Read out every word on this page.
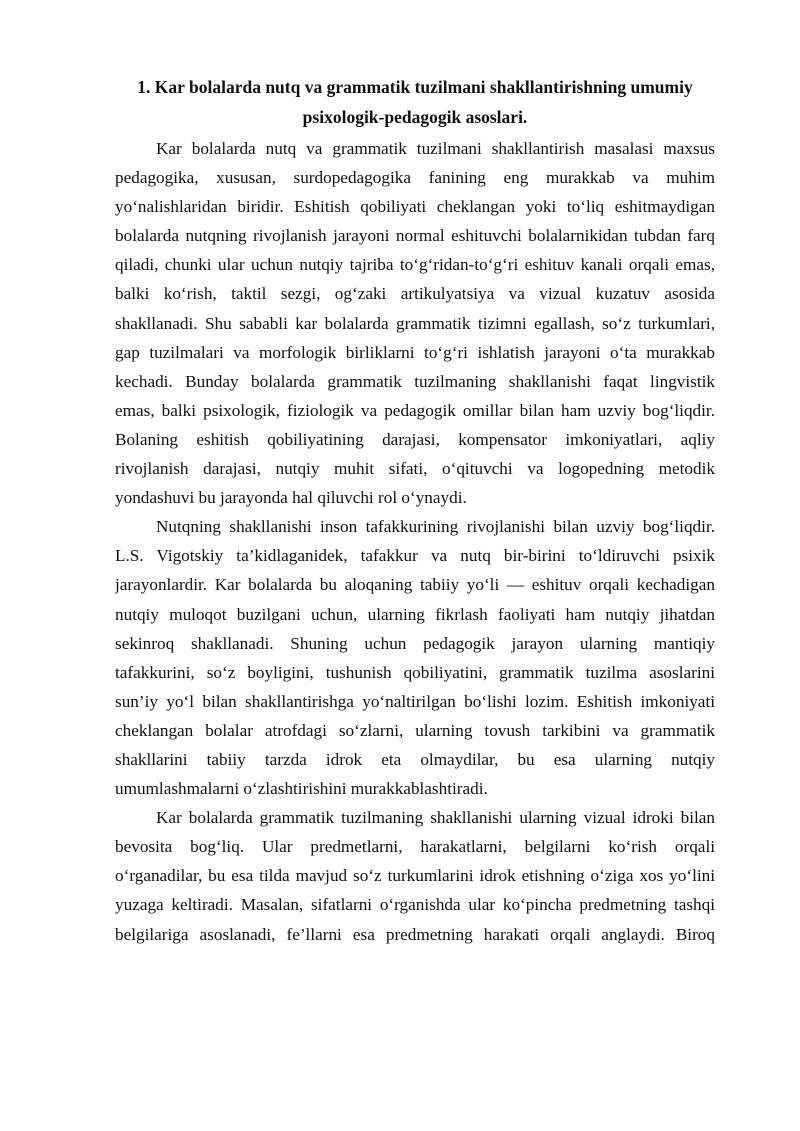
1. Kar bolalarda nutq va grammatik tuzilmani shakllantirishning umumiy
psixologik-pedagogik asoslari.
Kar bolalarda nutq va grammatik tuzilmani shakllantirish masalasi maxsus
pedagogika, xususan, surdopedagogika fanining eng murakkab va muhim
yo‘nalishlaridan biridir. Eshitish qobiliyati cheklangan yoki to‘liq eshitmaydigan
bolalarda nutqning rivojlanish jarayoni normal eshituvchi bolalarnikidan tubdan farq
qiladi, chunki ular uchun nutqiy tajriba to‘g‘ridan-to‘g‘ri eshituv kanali orqali emas,
balki ko‘rish, taktil sezgi, og‘zaki artikulyatsiya va vizual kuzatuv asosida
shakllanadi. Shu sababli kar bolalarda grammatik tizimni egallash, so‘z turkumlari,
gap tuzilmalari va morfologik birliklarni to‘g‘ri ishlatish jarayoni o‘ta murakkab
kechadi. Bunday bolalarda grammatik tuzilmaning shakllanishi faqat lingvistik
emas, balki psixologik, fiziologik va pedagogik omillar bilan ham uzviy bog‘liqdir.
Bolaning eshitish qobiliyatining darajasi, kompensator imkoniyatlari, aqliy
rivojlanish darajasi, nutqiy muhit sifati, o‘qituvchi va logopedning metodik
yondashuvi bu jarayonda hal qiluvchi rol o‘ynaydi.
Nutqning shakllanishi inson tafakkurining rivojlanishi bilan uzviy bog‘liqdir.
L.S. Vigotskiy ta’kidlaganidek, tafakkur va nutq bir-birini to‘ldiruvchi psixik
jarayonlardir. Kar bolalarda bu aloqaning tabiiy yo‘li — eshituv orqali kechadigan
nutqiy muloqot buzilgani uchun, ularning fikrlash faoliyati ham nutqiy jihatdan
sekinroq shakllanadi. Shuning uchun pedagogik jarayon ularning mantiqiy
tafakkurini, so‘z boyligini, tushunish qobiliyatini, grammatik tuzilma asoslarini
sun’iy yo‘l bilan shakllantirishga yo‘naltirilgan bo‘lishi lozim. Eshitish imkoniyati
cheklangan bolalar atrofdagi so‘zlarni, ularning tovush tarkibini va grammatik
shakllarini tabiiy tarzda idrok eta olmaydilar, bu esa ularning nutqiy
umumlashmalarni o‘zlashtirishini murakkablashtiradi.
Kar bolalarda grammatik tuzilmaning shakllanishi ularning vizual idroki bilan
bevosita bog‘liq. Ular predmetlarni, harakatlarni, belgilarni ko‘rish orqali
o‘rganadilar, bu esa tilda mavjud so‘z turkumlarini idrok etishning o‘ziga xos yo‘lini
yuzaga keltiradi. Masalan, sifatlarni o‘rganishda ular ko‘pincha predmetning tashqi
belgilariga asoslanadi, fe’llarni esa predmetning harakati orqali anglaydi. Biroq
